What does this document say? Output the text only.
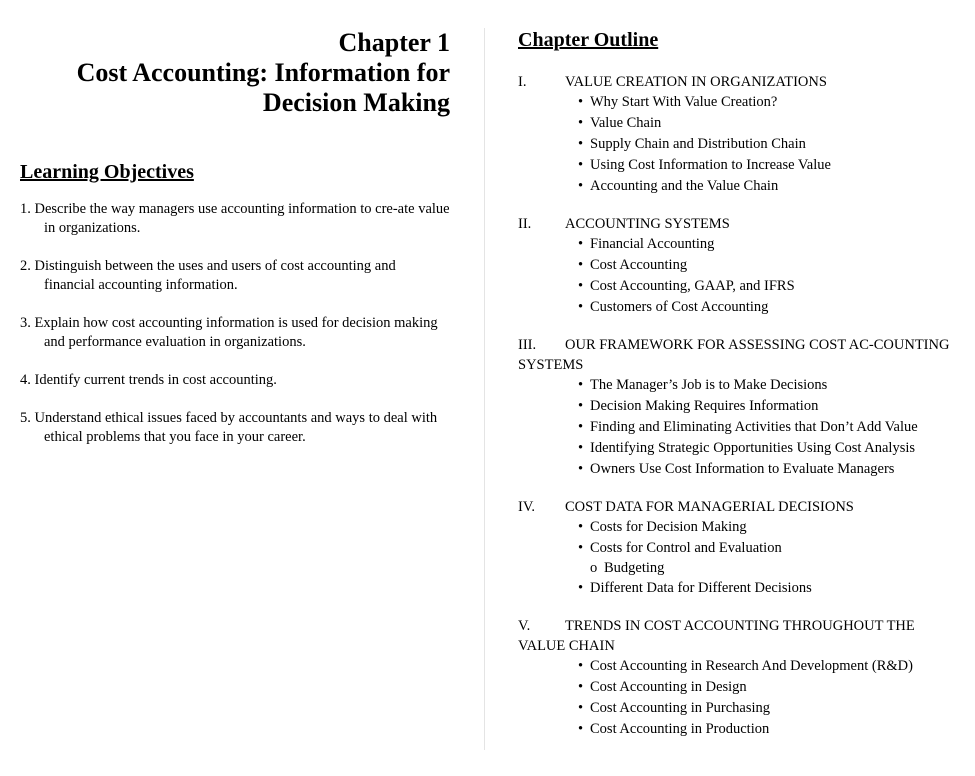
Chapter 1
Cost Accounting: Information for
Decision Making
Learning Objectives
1. Describe the way managers use accounting information to cre-ate value in organizations.
2. Distinguish between the uses and users of cost accounting and financial accounting information.
3. Explain how cost accounting information is used for decision making and performance evaluation in organizations.
4. Identify current trends in cost accounting.
5. Understand ethical issues faced by accountants and ways to deal with ethical problems that you face in your career.
Chapter Outline
I.	VALUE CREATION IN ORGANIZATIONS
• Why Start With Value Creation?
• Value Chain
• Supply Chain and Distribution Chain
• Using Cost Information to Increase Value
• Accounting and the Value Chain
II. ACCOUNTING SYSTEMS
• Financial Accounting
• Cost Accounting
• Cost Accounting, GAAP, and IFRS
• Customers of Cost Accounting
III. OUR FRAMEWORK FOR ASSESSING COST AC-COUNTING SYSTEMS
• The Manager’s Job is to Make Decisions
• Decision Making Requires Information
• Finding and Eliminating Activities that Don’t Add Value
• Identifying Strategic Opportunities Using Cost Analysis
• Owners Use Cost Information to Evaluate Managers
IV. COST DATA FOR MANAGERIAL DECISIONS
• Costs for Decision Making
• Costs for Control and Evaluation
o Budgeting
• Different Data for Different Decisions
V. TRENDS IN COST ACCOUNTING THROUGHOUT THE VALUE CHAIN
• Cost Accounting in Research And Development (R&D)
• Cost Accounting in Design
• Cost Accounting in Purchasing
• Cost Accounting in Production
